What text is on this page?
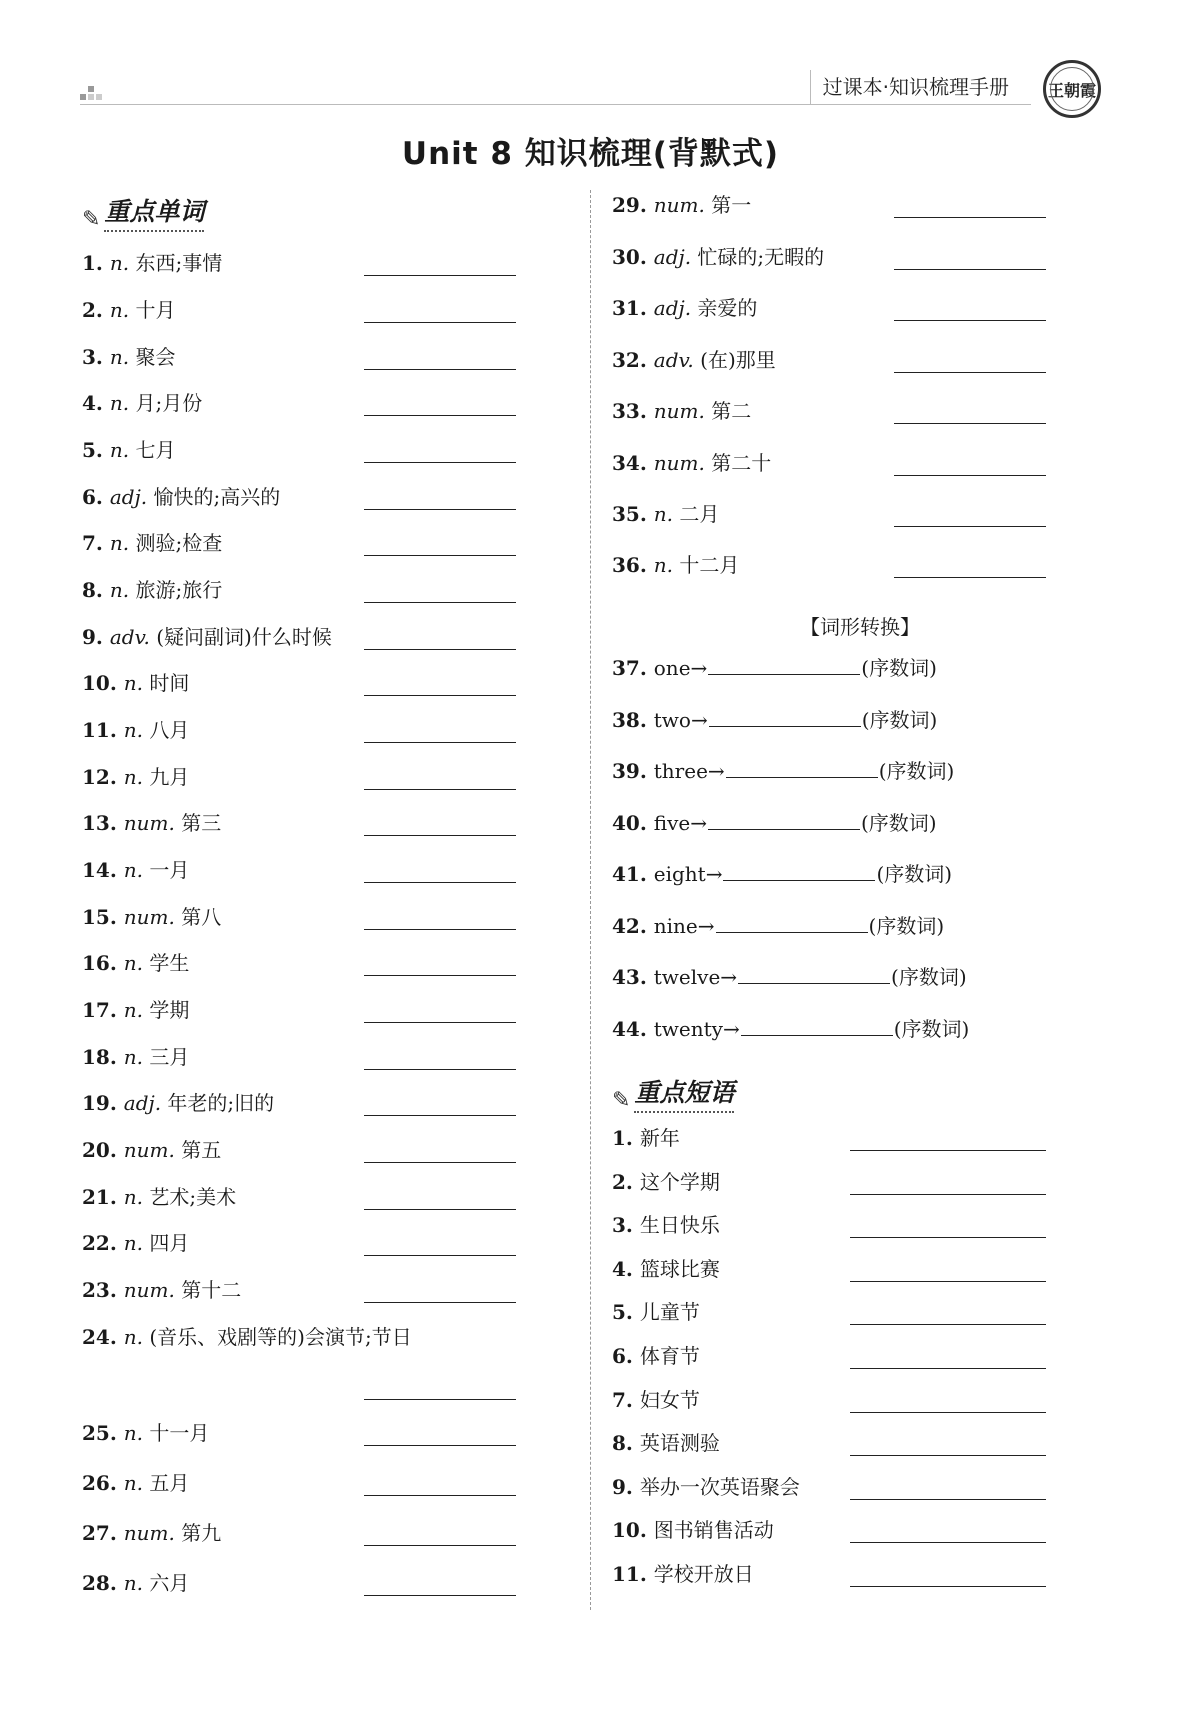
过课本·知识梳理手册	王朝霞
Unit 8 知识梳理(背默式)
✎ 重点单词
【词形转换】
✎ 重点短语
1. n. 东西;事情
2. n. 十月
3. n. 聚会
4. n. 月;月份
5. n. 七月
6. adj. 愉快的;高兴的
7. n. 测验;检查
8. n. 旅游;旅行
9. adv. (疑问副词)什么时候
10. n. 时间
11. n. 八月
12. n. 九月
13. num. 第三
14. n. 一月
15. num. 第八
16. n. 学生
17. n. 学期
18. n. 三月
19. adj. 年老的;旧的
20. num. 第五
21. n. 艺术;美术
22. n. 四月
23. num. 第十二
24. n. (音乐、戏剧等的)会演节;节日
25. n. 十一月
26. n. 五月
27. num. 第九
28. n. 六月
29. num. 第一
30. adj. 忙碌的;无暇的
31. adj. 亲爱的
32. adv. (在)那里
33. num. 第二
34. num. 第二十
35. n. 二月
36. n. 十二月
37. one→	(序数词)
38. two→	(序数词)
39. three→	(序数词)
40. five→	(序数词)
41. eight→	(序数词)
42. nine→	(序数词)
43. twelve→	(序数词)
44. twenty→	(序数词)
1. 新年
2. 这个学期
3. 生日快乐
4. 篮球比赛
5. 儿童节
6. 体育节
7. 妇女节
8. 英语测验
9. 举办一次英语聚会
10. 图书销售活动
11. 学校开放日
